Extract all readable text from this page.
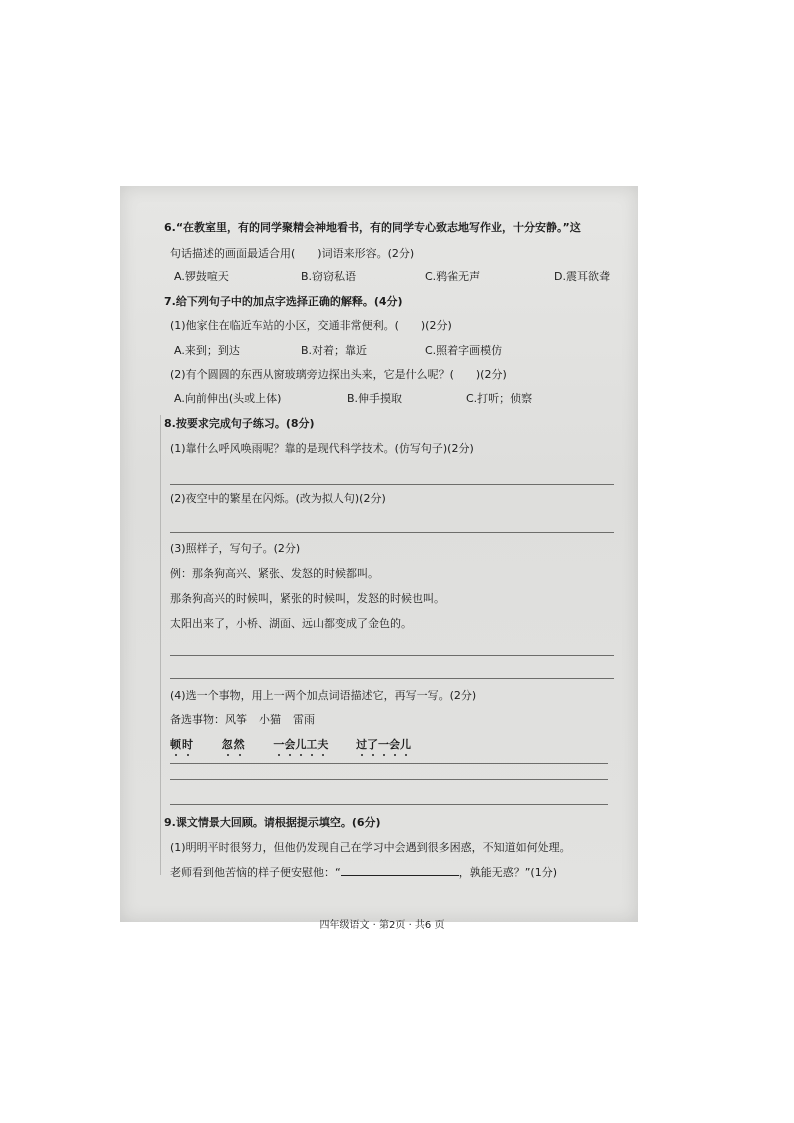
6.“在教室里，有的同学聚精会神地看书，有的同学专心致志地写作业，十分安静。”这
句话描述的画面最适合用(　　)词语来形容。(2分)
A.锣鼓喧天	B.窃窃私语	C.鸦雀无声	D.震耳欲聋
7.给下列句子中的加点字选择正确的解释。(4分)
(1)他家住在临近车站的小区，交通非常便利。(　　)(2分)
A.来到；到达	B.对着；靠近	C.照着字画模仿
(2)有个圆圆的东西从窗玻璃旁边探出头来，它是什么呢？(　　)(2分)
A.向前伸出(头或上体)	B.伸手摸取	C.打听；侦察
8.按要求完成句子练习。(8分)
(1)靠什么呼风唤雨呢？靠的是现代科学技术。(仿写句子)(2分)
(2)夜空中的繁星在闪烁。(改为拟人句)(2分)
(3)照样子，写句子。(2分)
例：那条狗高兴、紧张、发怒的时候都叫。
那条狗高兴的时候叫，紧张的时候叫，发怒的时候也叫。
太阳出来了，小桥、湖面、远山都变成了金色的。
(4)选一个事物，用上一两个加点词语描述它，再写一写。(2分)
备选事物：风筝 小猫 雷雨
顿时	忽然	一会儿工夫	过了一会儿
9.课文情景大回顾。请根据提示填空。(6分)
(1)明明平时很努力，但他仍发现自己在学习中会遇到很多困惑，不知道如何处理。
老师看到他苦恼的样子便安慰他：“	，孰能无惑？”(1分)
四年级语文 · 第2页 · 共6 页
